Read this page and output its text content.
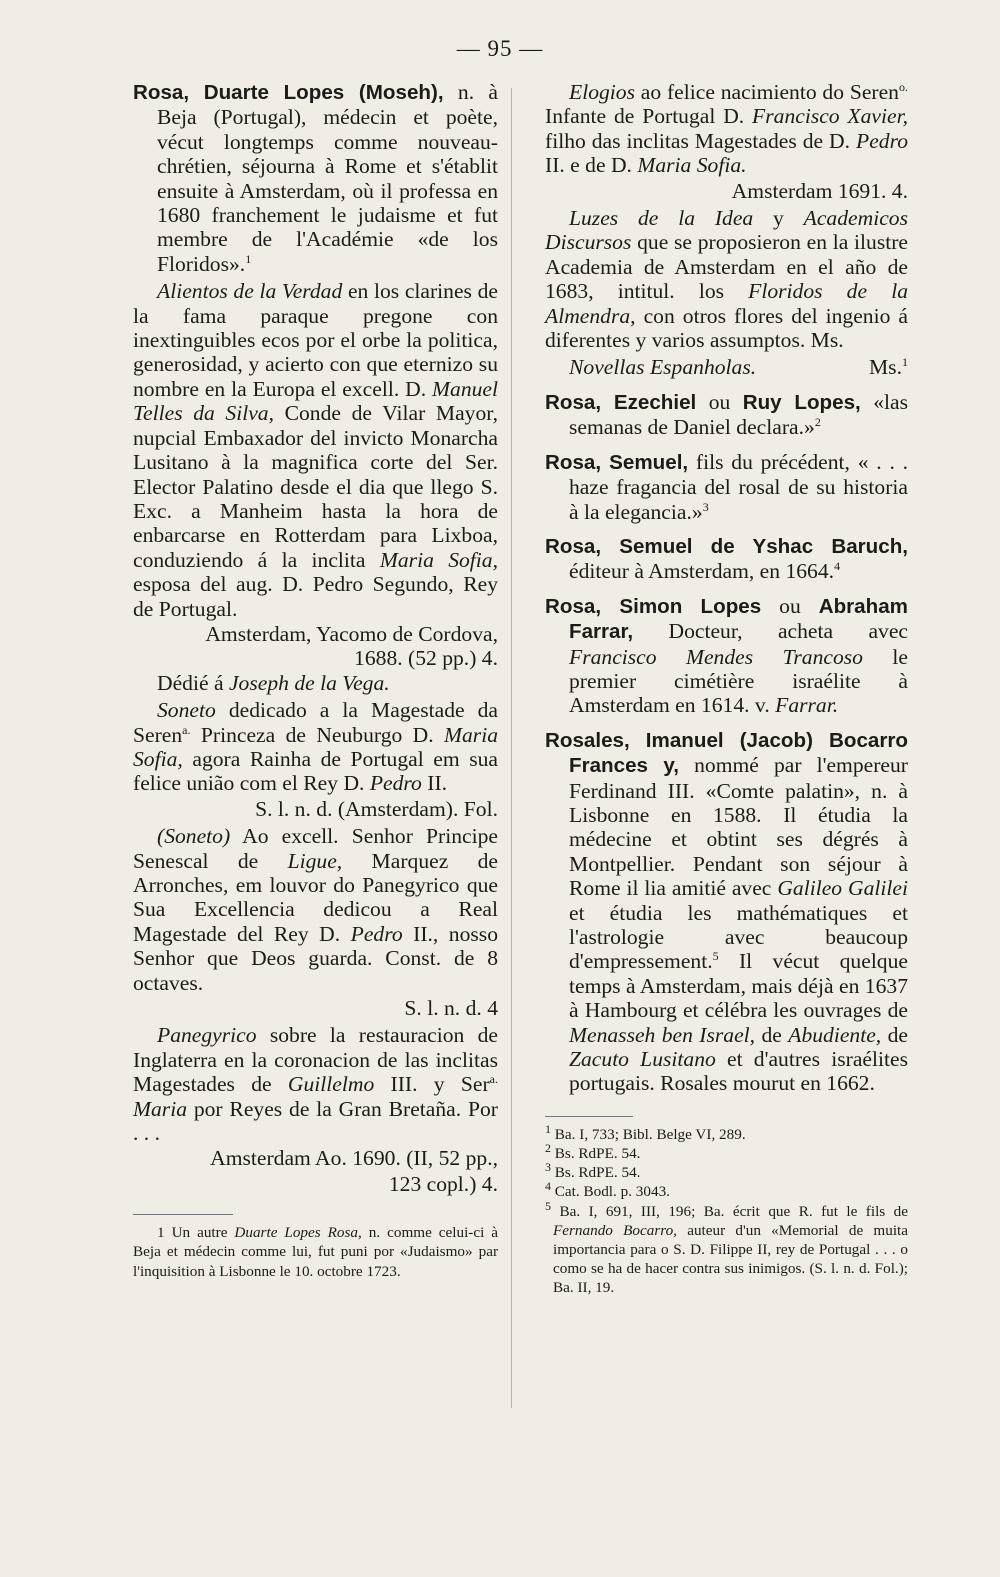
— 95 —

Rosa, Duarte Lopes (Moseh), n. à Beja (Portugal), médecin et poète, vécut longtemps comme nouveau-chrétien, séjourna à Rome et s'établit ensuite à Amsterdam, où il professa en 1680 franchement le judaisme et fut membre de l'Académie «de los Floridos».$^1$

Alientos de la Verdad en los clarines de la fama paraque pregone con inextinguibles ecos por el orbe la politica, generosidad, y acierto con que eternizo su nombre en la Europa el excell. D. Manuel Telles da Silva, Conde de Vilar Mayor, nupcial Embaxador del invicto Monarcha Lusitano à la magnifica corte del Ser. Elector Palatino desde el dia que llego S. Exc. a Manheim hasta la hora de enbarcarse en Rotterdam para Lixboa, conduziendo á la inclita Maria Sofia, esposa del aug. D. Pedro Segundo, Rey de Portugal.
Amsterdam, Yacomo de Cordova, 1688. (52 pp.) 4.

Dédié á Joseph de la Vega.

Soneto dedicado a la Magestade da Seren$^{a.}$ Princeza de Neuburgo D. Maria Sofia, agora Rainha de Portugal em sua felice união com el Rey D. Pedro II.
S. l. n. d. (Amsterdam). Fol.

(Soneto) Ao excell. Senhor Principe Senescal de Ligue, Marquez de Arronches, em louvor do Panegyrico que Sua Excellencia dedicou a Real Magestade del Rey D. Pedro II., nosso Senhor que Deos guarda. Const. de 8 octaves.
S. l. n. d. 4

Panegyrico sobre la restauracion de Inglaterra en la coronacion de las inclitas Magestades de Guillelmo III. y Ser$^{a.}$ Maria por Reyes de la Gran Bretaña. Por . . .
Amsterdam Ao. 1690. (II, 52 pp.,
123 copl.) 4.

1 Un autre Duarte Lopes Rosa, n. comme celui-ci à Beja et médecin comme lui, fut puni por «Judaismo» par l'inquisition à Lisbonne le 10. octobre 1723.

Elogios ao felice nacimiento do Seren$^{o.}$ Infante de Portugal D. Francisco Xavier, filho das inclitas Magestades de D. Pedro II. e de D. Maria Sofia.
Amsterdam 1691. 4.

Luzes de la Idea y Academicos Discursos que se proposieron en la ilustre Academia de Amsterdam en el año de 1683, intitul. los Floridos de la Almendra, con otros flores del ingenio á diferentes y varios assumptos. Ms.

Novellas Espanholas.	Ms.$^1$

Rosa, Ezechiel ou Ruy Lopes, «las semanas de Daniel declara.»$^2$

Rosa, Semuel, fils du précédent, « . . . haze fragancia del rosal de su historia à la elegancia.»$^3$

Rosa, Semuel de Yshac Baruch, éditeur à Amsterdam, en 1664.$^4$

Rosa, Simon Lopes ou Abraham Farrar, Docteur, acheta avec Francisco Mendes Trancoso le premier cimétière israélite à Amsterdam en 1614. v. Farrar.

Rosales, Imanuel (Jacob) Bocarro Frances y, nommé par l'empereur Ferdinand III. «Comte palatin», n. à Lisbonne en 1588. Il étudia la médecine et obtint ses dégrés à Montpellier. Pendant son séjour à Rome il lia amitié avec Galileo Galilei et étudia les mathématiques et l'astrologie avec beaucoup d'empressement.$^5$ Il vécut quelque temps à Amsterdam, mais déjà en 1637 à Hambourg et célébra les ouvrages de Menasseh ben Israel, de Abudiente, de Zacuto Lusitano et d'autres israélites portugais. Rosales mourut en 1662.

$^1$ Ba. I, 733; Bibl. Belge VI, 289.

$^2$ Bs. RdPE. 54.

$^3$ Bs. RdPE. 54.

$^4$ Cat. Bodl. p. 3043.

$^5$ Ba. I, 691, III, 196; Ba. écrit que R. fut le fils de Fernando Bocarro, auteur d'un «Memorial de muita importancia para o S. D. Filippe II, rey de Portugal . . . o como se ha de hacer contra sus inimigos. (S. l. n. d. Fol.); Ba. II, 19.
